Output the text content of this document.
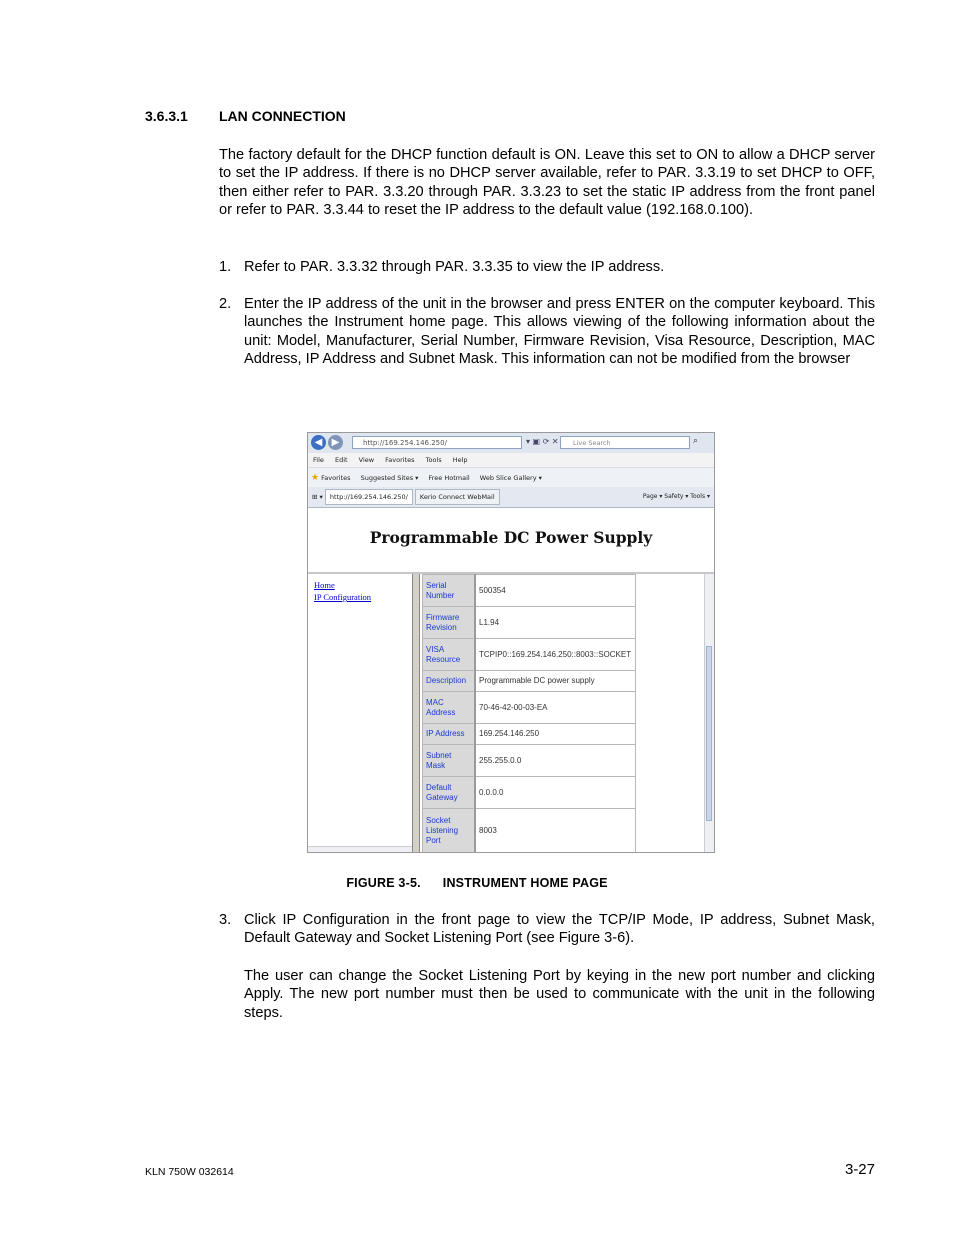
3.6.3.1 LAN CONNECTION

The factory default for the DHCP function default is ON. Leave this set to ON to allow a DHCP server to set the IP address. If there is no DHCP server available, refer to PAR. 3.3.19 to set DHCP to OFF, then either refer to PAR. 3.3.20 through PAR. 3.3.23 to set the static IP address from the front panel or refer to PAR. 3.3.44 to reset the IP address to the default value (192.168.0.100).

1. Refer to PAR. 3.3.32 through PAR. 3.3.35 to view the IP address.
2. Enter the IP address of the unit in the browser and press ENTER on the computer keyboard. This launches the Instrument home page. This allows viewing of the following information about the unit: Model, Manufacturer, Serial Number, Firmware Revision, Visa Resource, Description, MAC Address, IP Address and Subnet Mask. This information can not be modified from the browser
◀ ▶	http://169.254.146.250/	▾ ▣ ⟳ ✕	Live Search	⌕
File Edit View Favorites Tools Help
★ Favorites Suggested Sites ▾ Free Hotmail Web Slice Gallery ▾
⊞ ▾ http://169.254.146.250/ Kerio Connect WebMail	Page ▾ Safety ▾ Tools ▾
Programmable DC Power Supply
Home
IP Configuration
Serial Number	500354
Firmware Revision	L1.94
VISA Resource	TCPIP0::169.254.146.250::8003::SOCKET
Description	Programmable DC power supply
MAC Address	70-46-42-00-03-EA
IP Address	169.254.146.250
Subnet Mask	255.255.0.0
Default Gateway	0.0.0.0
Socket Listening Port	8003
FIGURE 3-5. INSTRUMENT HOME PAGE
3. Click IP Configuration in the front page to view the TCP/IP Mode, IP address, Subnet Mask, Default Gateway and Socket Listening Port (see Figure 3-6).

The user can change the Socket Listening Port by keying in the new port number and clicking Apply. The new port number must then be used to communicate with the unit in the following steps.

KLN 750W 032614	3-27
